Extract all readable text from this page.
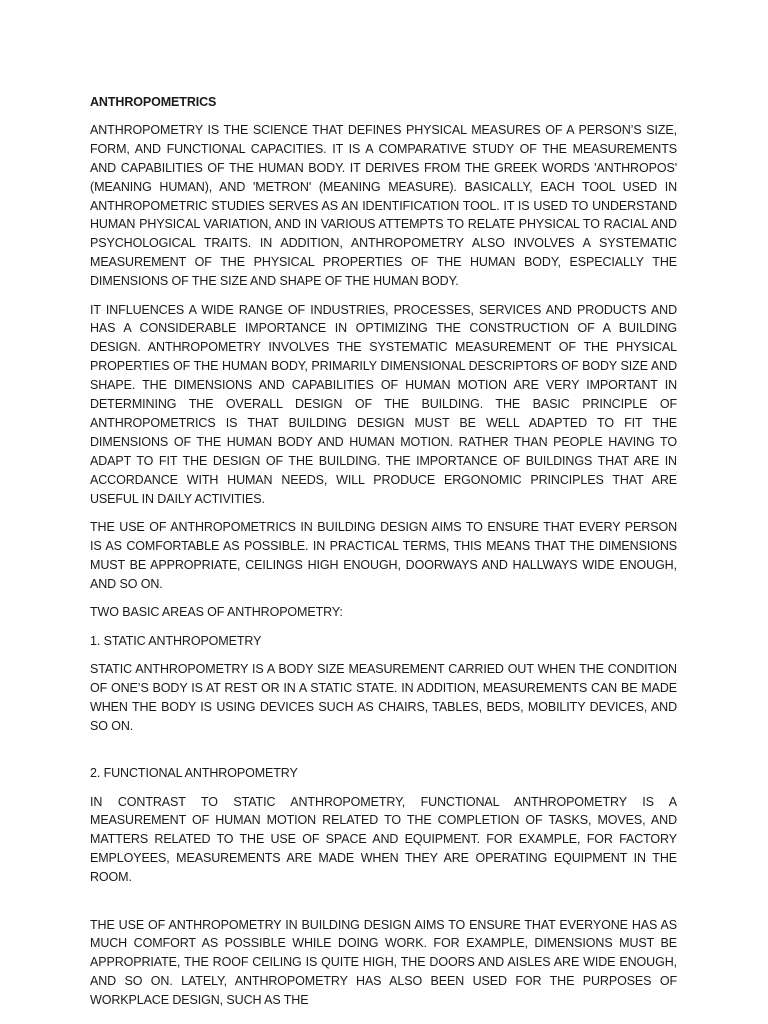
ANTHROPOMETRICS
ANTHROPOMETRY IS THE SCIENCE THAT DEFINES PHYSICAL MEASURES OF A PERSON’S SIZE, FORM, AND FUNCTIONAL CAPACITIES. IT IS A COMPARATIVE STUDY OF THE MEASUREMENTS AND CAPABILITIES OF THE HUMAN BODY. IT DERIVES FROM THE GREEK WORDS 'ANTHROPOS' (MEANING HUMAN), AND 'METRON' (MEANING MEASURE). BASICALLY, EACH TOOL USED IN ANTHROPOMETRIC STUDIES SERVES AS AN IDENTIFICATION TOOL. IT IS USED TO UNDERSTAND HUMAN PHYSICAL VARIATION, AND IN VARIOUS ATTEMPTS TO RELATE PHYSICAL TO RACIAL AND PSYCHOLOGICAL TRAITS. IN ADDITION, ANTHROPOMETRY ALSO INVOLVES A SYSTEMATIC MEASUREMENT OF THE PHYSICAL PROPERTIES OF THE HUMAN BODY, ESPECIALLY THE DIMENSIONS OF THE SIZE AND SHAPE OF THE HUMAN BODY.
IT INFLUENCES A WIDE RANGE OF INDUSTRIES, PROCESSES, SERVICES AND PRODUCTS AND HAS A CONSIDERABLE IMPORTANCE IN OPTIMIZING THE CONSTRUCTION OF A BUILDING DESIGN. ANTHROPOMETRY INVOLVES THE SYSTEMATIC MEASUREMENT OF THE PHYSICAL PROPERTIES OF THE HUMAN BODY, PRIMARILY DIMENSIONAL DESCRIPTORS OF BODY SIZE AND SHAPE. THE DIMENSIONS AND CAPABILITIES OF HUMAN MOTION ARE VERY IMPORTANT IN DETERMINING THE OVERALL DESIGN OF THE BUILDING. THE BASIC PRINCIPLE OF ANTHROPOMETRICS IS THAT BUILDING DESIGN MUST BE WELL ADAPTED TO FIT THE DIMENSIONS OF THE HUMAN BODY AND HUMAN MOTION. RATHER THAN PEOPLE HAVING TO ADAPT TO FIT THE DESIGN OF THE BUILDING. THE IMPORTANCE OF BUILDINGS THAT ARE IN ACCORDANCE WITH HUMAN NEEDS, WILL PRODUCE ERGONOMIC PRINCIPLES THAT ARE USEFUL IN DAILY ACTIVITIES.
THE USE OF ANTHROPOMETRICS IN BUILDING DESIGN AIMS TO ENSURE THAT EVERY PERSON IS AS COMFORTABLE AS POSSIBLE. IN PRACTICAL TERMS, THIS MEANS THAT THE DIMENSIONS MUST BE APPROPRIATE, CEILINGS HIGH ENOUGH, DOORWAYS AND HALLWAYS WIDE ENOUGH, AND SO ON.
TWO BASIC AREAS OF ANTHROPOMETRY:
1. STATIC ANTHROPOMETRY
STATIC ANTHROPOMETRY IS A BODY SIZE MEASUREMENT CARRIED OUT WHEN THE CONDITION OF ONE’S BODY IS AT REST OR IN A STATIC STATE. IN ADDITION, MEASUREMENTS CAN BE MADE WHEN THE BODY IS USING DEVICES SUCH AS CHAIRS, TABLES, BEDS, MOBILITY DEVICES, AND SO ON.
2. FUNCTIONAL ANTHROPOMETRY
IN CONTRAST TO STATIC ANTHROPOMETRY, FUNCTIONAL ANTHROPOMETRY IS A MEASUREMENT OF HUMAN MOTION RELATED TO THE COMPLETION OF TASKS, MOVES, AND MATTERS RELATED TO THE USE OF SPACE AND EQUIPMENT. FOR EXAMPLE, FOR FACTORY EMPLOYEES, MEASUREMENTS ARE MADE WHEN THEY ARE OPERATING EQUIPMENT IN THE ROOM.
THE USE OF ANTHROPOMETRY IN BUILDING DESIGN AIMS TO ENSURE THAT EVERYONE HAS AS MUCH COMFORT AS POSSIBLE WHILE DOING WORK. FOR EXAMPLE, DIMENSIONS MUST BE APPROPRIATE, THE ROOF CEILING IS QUITE HIGH, THE DOORS AND AISLES ARE WIDE ENOUGH, AND SO ON. LATELY, ANTHROPOMETRY HAS ALSO BEEN USED FOR THE PURPOSES OF WORKPLACE DESIGN, SUCH AS THE
